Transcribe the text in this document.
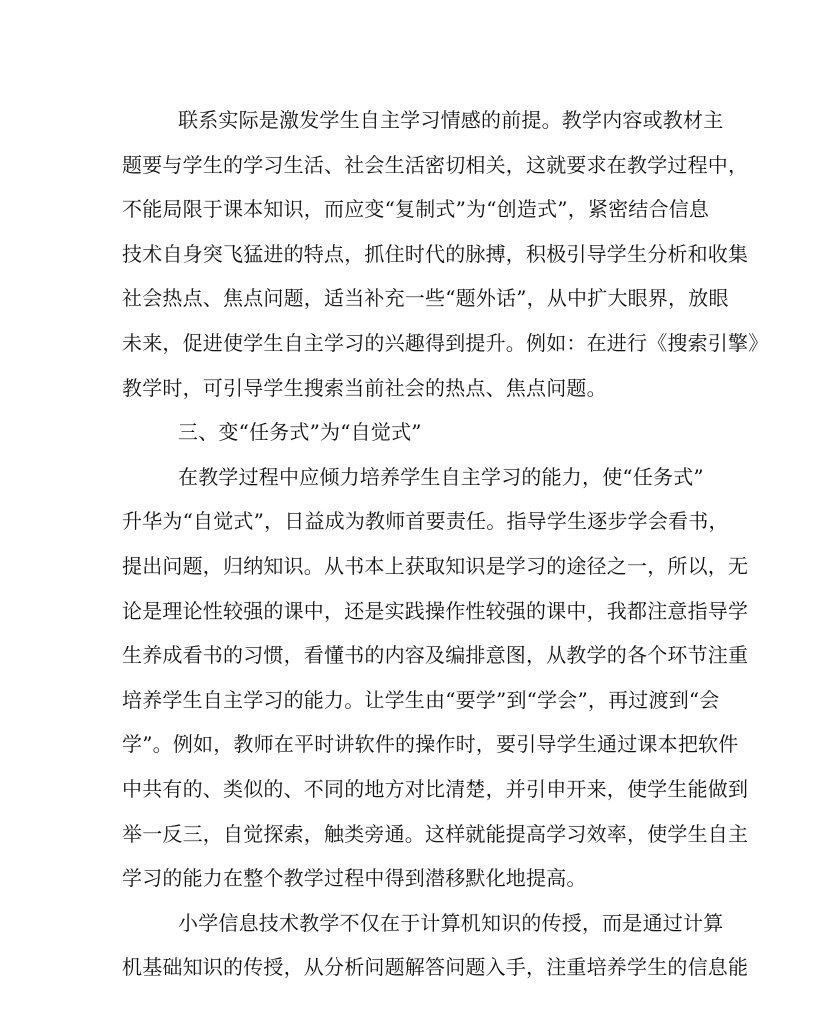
联系实际是激发学生自主学习情感的前提。教学内容或教材主
题要与学生的学习生活、社会生活密切相关，这就要求在教学过程中，
不能局限于课本知识，而应变“复制式”为“创造式”，紧密结合信息
技术自身突飞猛进的特点，抓住时代的脉搏，积极引导学生分析和收集
社会热点、焦点问题，适当补充一些“题外话”，从中扩大眼界，放眼
未来，促进使学生自主学习的兴趣得到提升。例如：在进行《搜索引擎》
教学时，可引导学生搜索当前社会的热点、焦点问题。
三、变“任务式”为“自觉式”
在教学过程中应倾力培养学生自主学习的能力，使“任务式”
升华为“自觉式”，日益成为教师首要责任。指导学生逐步学会看书，
提出问题，归纳知识。从书本上获取知识是学习的途径之一，所以，无
论是理论性较强的课中，还是实践操作性较强的课中，我都注意指导学
生养成看书的习惯，看懂书的内容及编排意图，从教学的各个环节注重
培养学生自主学习的能力。让学生由“要学”到“学会”，再过渡到“会
学”。例如，教师在平时讲软件的操作时，要引导学生通过课本把软件
中共有的、类似的、不同的地方对比清楚，并引申开来，使学生能做到
举一反三，自觉探索，触类旁通。这样就能提高学习效率，使学生自主
学习的能力在整个教学过程中得到潜移默化地提高。
小学信息技术教学不仅在于计算机知识的传授，而是通过计算
机基础知识的传授，从分析问题解答问题入手，注重培养学生的信息能
